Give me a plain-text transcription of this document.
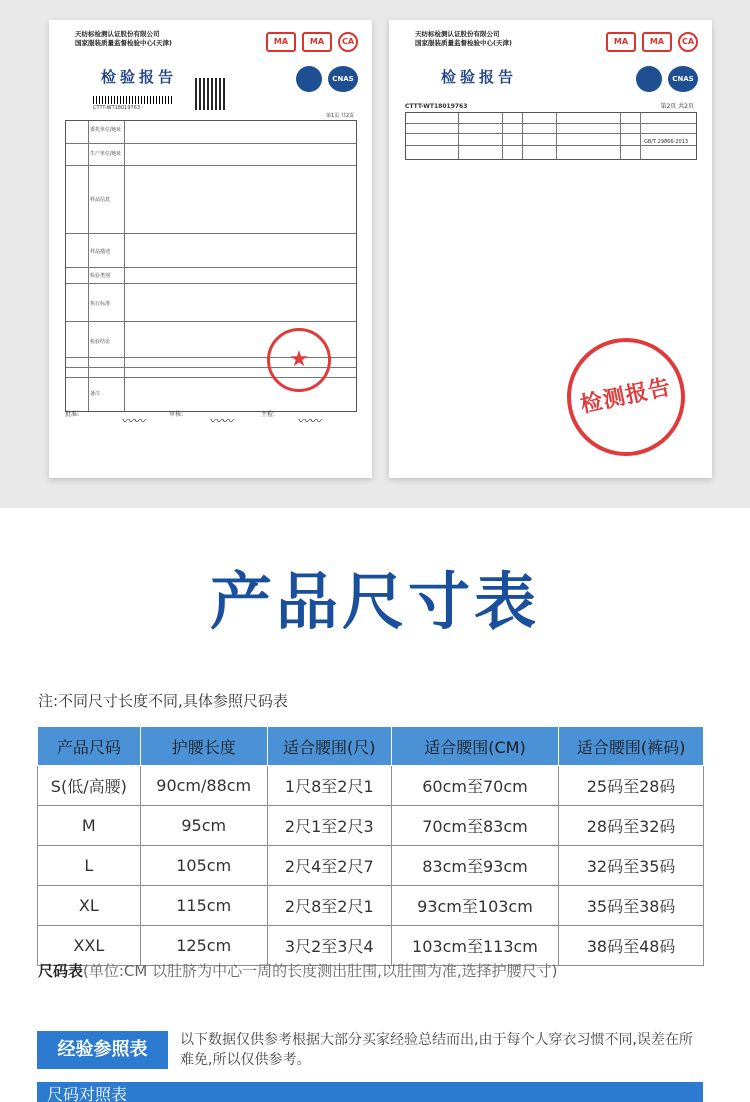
天纺标检测认证股份有限公司
国家服装质量监督检验中心(天津)	MA	MA	CA
CNAS
检验报告
CTTT-WT18019763
第1页 共2页
委托单位/地址
生产单位/地址
样品信息
样品描述
检验类别
执行标准
检验结论
备注
★
批准:	审核:	主检:
〰〰	〰〰	〰〰
天纺标检测认证股份有限公司
国家服装质量监督检验中心(天津)	MA	MA	CA
CNAS
检验报告
CTTT-WT18019763	第2页 共2页
GB/T 29866-2013
检测报告
产品尺寸表
注:不同尺寸长度不同,具体参照尺码表
产品尺码	护腰长度	适合腰围(尺)	适合腰围(CM)	适合腰围(裤码)
S(低/高腰)	90cm/88cm	1尺8至2尺1	60cm至70cm	25码至28码
M	95cm	2尺1至2尺3	70cm至83cm	28码至32码
L	105cm	2尺4至2尺7	83cm至93cm	32码至35码
XL	115cm	2尺8至2尺1	93cm至103cm	35码至38码
XXL	125cm	3尺2至3尺4	103cm至113cm	38码至48码
尺码表(单位:CM 以肚脐为中心一周的长度测出肚围,以肚围为准,选择护腰尺寸)
经验参照表	以下数据仅供参考根据大部分买家经验总结而出,由于每个人穿衣习惯不同,误差在所难免,所以仅供参考。
尺码对照表
